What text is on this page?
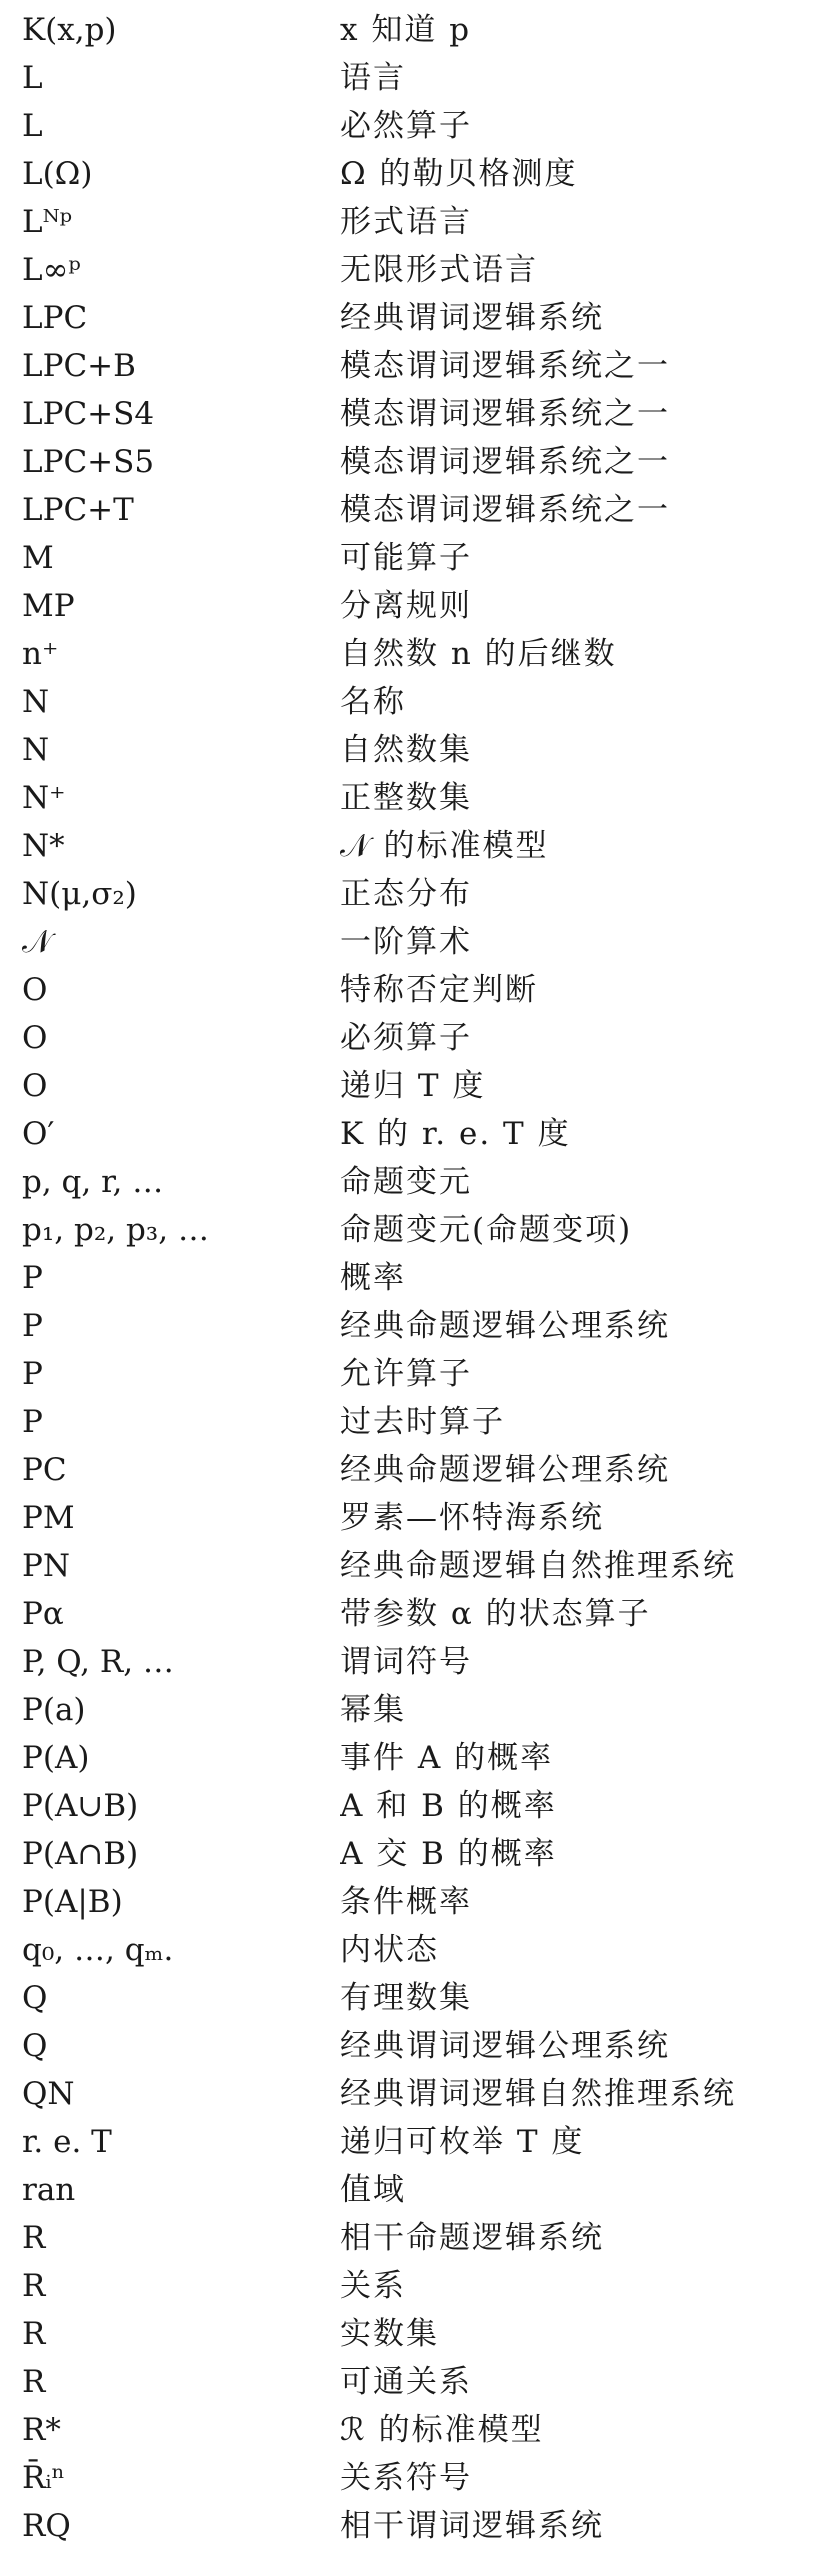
K(x,p)	x 知道 p
L	语言
L	必然算子
L(Ω)	Ω 的勒贝格测度
Lᴺᵖ	形式语言
L∞ᵖ	无限形式语言
LPC	经典谓词逻辑系统
LPC+B	模态谓词逻辑系统之一
LPC+S4	模态谓词逻辑系统之一
LPC+S5	模态谓词逻辑系统之一
LPC+T	模态谓词逻辑系统之一
M	可能算子
MP	分离规则
n⁺	自然数 n 的后继数
N	名称
N	自然数集
N⁺	正整数集
N*	𝒩 的标准模型
N(μ,σ₂)	正态分布
𝒩	一阶算术
O	特称否定判断
O	必须算子
O	递归 T 度
O′	K 的 r. e. T 度
p, q, r, …	命题变元
p₁, p₂, p₃, …	命题变元(命题变项)
P	概率
P	经典命题逻辑公理系统
P	允许算子
P	过去时算子
PC	经典命题逻辑公理系统
PM	罗素—怀特海系统
PN	经典命题逻辑自然推理系统
Pα	带参数 α 的状态算子
P, Q, R, …	谓词符号
P(a)	幂集
P(A)	事件 A 的概率
P(A∪B)	A 和 B 的概率
P(A∩B)	A 交 B 的概率
P(A|B)	条件概率
q₀, …, qₘ.	内状态
Q	有理数集
Q	经典谓词逻辑公理系统
QN	经典谓词逻辑自然推理系统
r. e. T	递归可枚举 T 度
ran	值域
R	相干命题逻辑系统
R	关系
R	实数集
R	可通关系
R*	ℛ 的标准模型
R̄ᵢⁿ	关系符号
RQ	相干谓词逻辑系统
